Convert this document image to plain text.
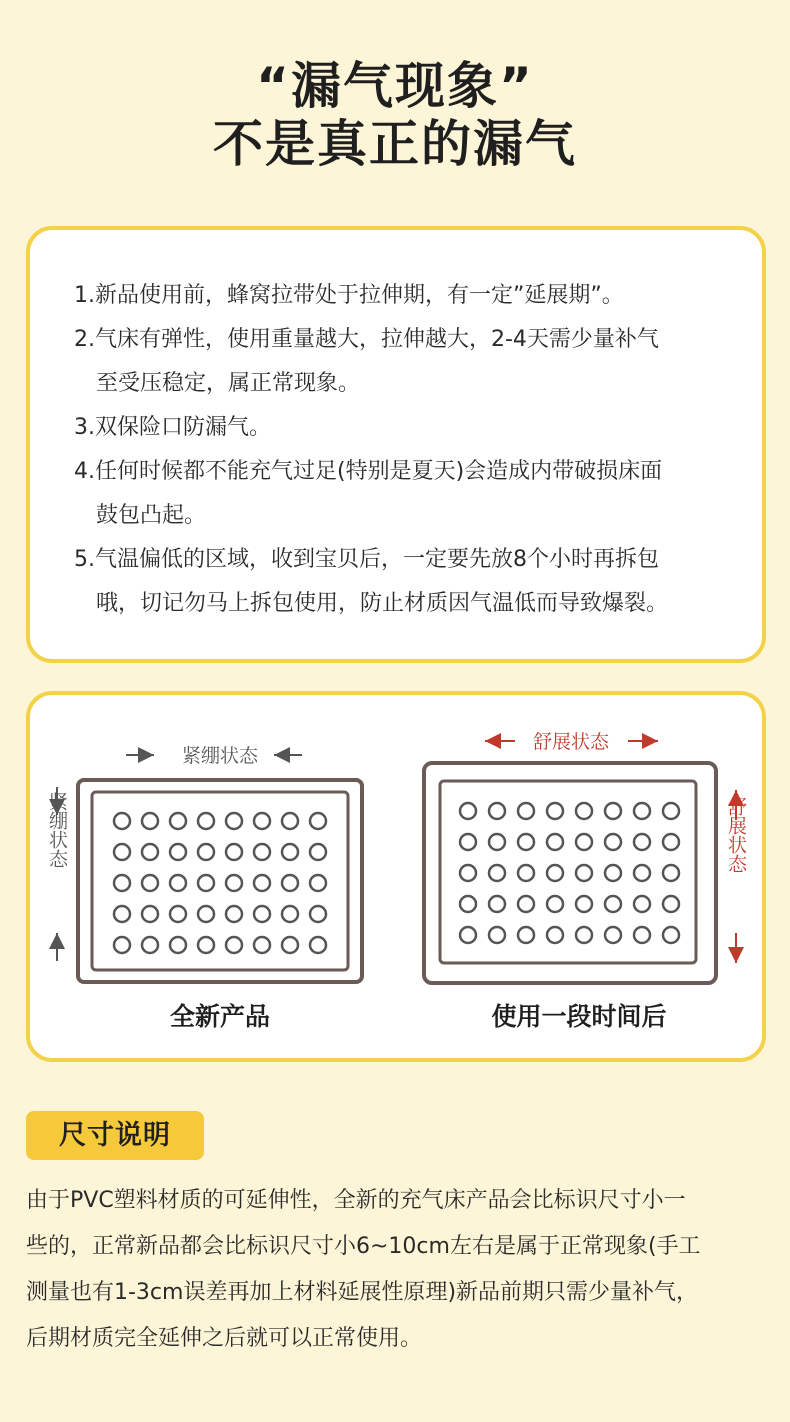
“漏气现象”
不是真正的漏气
1.新品使用前，蜂窝拉带处于拉伸期，有一定”延展期”。
2.气床有弹性，使用重量越大，拉伸越大，2-4天需少量补气
至受压稳定，属正常现象。
3.双保险口防漏气。
4.任何时候都不能充气过足(特别是夏天)会造成内带破损床面
鼓包凸起。
5.气温偏低的区域，收到宝贝后，一定要先放8个小时再拆包
哦，切记勿马上拆包使用，防止材质因气温低而导致爆裂。
紧绷状态
紧绷状态
全新产品
舒展状态
舒展状态
使用一段时间后
尺寸说明
由于PVC塑料材质的可延伸性，全新的充气床产品会比标识尺寸小一
些的，正常新品都会比标识尺寸小6~10cm左右是属于正常现象(手工
测量也有1-3cm误差再加上材料延展性原理)新品前期只需少量补气，
后期材质完全延伸之后就可以正常使用。
